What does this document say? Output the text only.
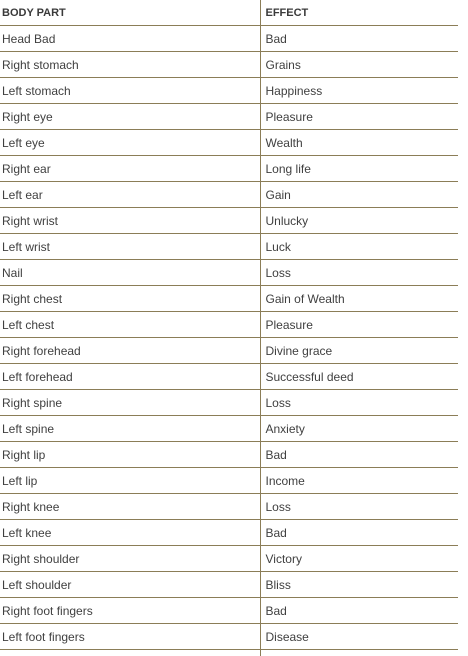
BODY PART	EFFECT
Head Bad	Bad
Right stomach	Grains
Left stomach	Happiness
Right eye	Pleasure
Left eye	Wealth
Right ear	Long life
Left ear	Gain
Right wrist	Unlucky
Left wrist	Luck
Nail	Loss
Right chest	Gain of Wealth
Left chest	Pleasure
Right forehead	Divine grace
Left forehead	Successful deed
Right spine	Loss
Left spine	Anxiety
Right lip	Bad
Left lip	Income
Right knee	Loss
Left knee	Bad
Right shoulder	Victory
Left shoulder	Bliss
Right foot fingers	Bad
Left foot fingers	Disease
